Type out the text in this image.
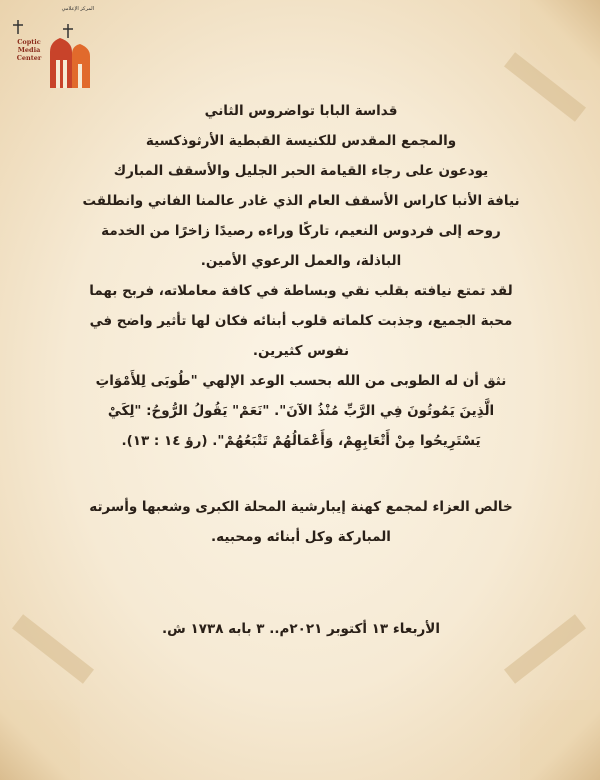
المركز الإعلامي
Coptic
Media
Center

قداسة البابا تواضروس الثاني

والمجمع المقدس للكنيسة القبطية الأرثوذكسية

يودعون على رجاء القيامة الحبر الجليل والأسقف المبارك

نيافة الأنبا كاراس الأسقف العام الذي غادر عالمنا الفاني وانطلقت

روحه إلى فردوس النعيم، تاركًا وراءه رصيدًا زاخرًا من الخدمة

الباذلة، والعمل الرعوي الأمين.

لقد تمتع نيافته بقلب نقي وبساطة في كافة معاملاته، فربح بهما

محبة الجميع، وجذبت كلماته قلوب أبنائه فكان لها تأثير واضح في

نفوس كثيرين.

نثق أن له الطوبى من الله بحسب الوعد الإلهي "طُوبَى لِلأَمْوَاتِ

الَّذِينَ يَمُوتُونَ فِي الرَّبِّ مُنْذُ الآنَ". "نَعَمْ" يَقُولُ الرُّوحُ: "لِكَيْ

يَسْتَرِيحُوا مِنْ أَتْعَابِهِمْ، وَأَعْمَالُهُمْ تَتْبَعُهُمْ". (رؤ ١٤ : ١٣).

خالص العزاء لمجمع كهنة إيبارشية المحلة الكبرى وشعبها وأسرته

المباركة وكل أبنائه ومحبيه.

الأربعاء ١٣ أكتوبر ٢٠٢١م.. ٣ بابه ١٧٣٨ ش.
